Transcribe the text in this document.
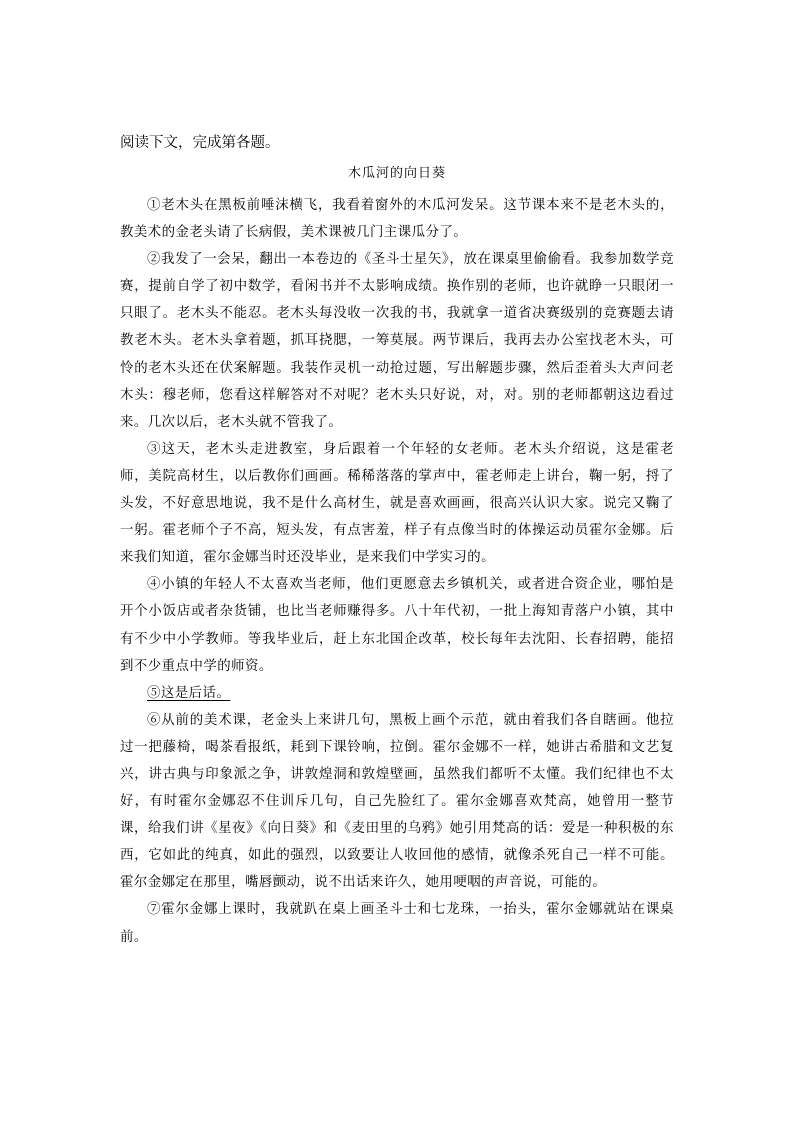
阅读下文，完成第各题。
木瓜河的向日葵

①老木头在黑板前唾沫横飞，我看着窗外的木瓜河发呆。这节课本来不是老木头的，教美术的金老头请了长病假，美术课被几门主课瓜分了。

②我发了一会呆，翻出一本卷边的《圣斗士星矢》，放在课桌里偷偷看。我参加数学竞赛，提前自学了初中数学，看闲书并不太影响成绩。换作别的老师，也许就睁一只眼闭一只眼了。老木头不能忍。老木头每没收一次我的书，我就拿一道省决赛级别的竞赛题去请教老木头。老木头拿着题，抓耳挠腮，一筹莫展。两节课后，我再去办公室找老木头，可怜的老木头还在伏案解题。我装作灵机一动抢过题，写出解题步骤，然后歪着头大声问老木头：穆老师，您看这样解答对不对呢？老木头只好说，对，对。别的老师都朝这边看过来。几次以后，老木头就不管我了。

③这天，老木头走进教室，身后跟着一个年轻的女老师。老木头介绍说，这是霍老师，美院高材生，以后教你们画画。稀稀落落的掌声中，霍老师走上讲台，鞠一躬，捋了头发，不好意思地说，我不是什么高材生，就是喜欢画画，很高兴认识大家。说完又鞠了一躬。霍老师个子不高，短头发，有点害羞，样子有点像当时的体操运动员霍尔金娜。后来我们知道，霍尔金娜当时还没毕业，是来我们中学实习的。

④小镇的年轻人不太喜欢当老师，他们更愿意去乡镇机关，或者进合资企业，哪怕是开个小饭店或者杂货铺，也比当老师赚得多。八十年代初，一批上海知青落户小镇，其中有不少中小学教师。等我毕业后，赶上东北国企改革，校长每年去沈阳、长春招聘，能招到不少重点中学的师资。

⑤这是后话。

⑥从前的美术课，老金头上来讲几句，黑板上画个示范，就由着我们各自瞎画。他拉过一把藤椅，喝茶看报纸，耗到下课铃响，拉倒。霍尔金娜不一样，她讲古希腊和文艺复兴，讲古典与印象派之争，讲敦煌洞和敦煌壁画，虽然我们都听不太懂。我们纪律也不太好，有时霍尔金娜忍不住训斥几句，自己先脸红了。霍尔金娜喜欢梵高，她曾用一整节课，给我们讲《星夜》《向日葵》和《麦田里的乌鸦》她引用梵高的话：爱是一种积极的东西，它如此的纯真，如此的强烈，以致要让人收回他的感情，就像杀死自己一样不可能。霍尔金娜定在那里，嘴唇颤动，说不出话来许久，她用哽咽的声音说，可能的。

⑦霍尔金娜上课时，我就趴在桌上画圣斗士和七龙珠，一抬头，霍尔金娜就站在课桌前。
